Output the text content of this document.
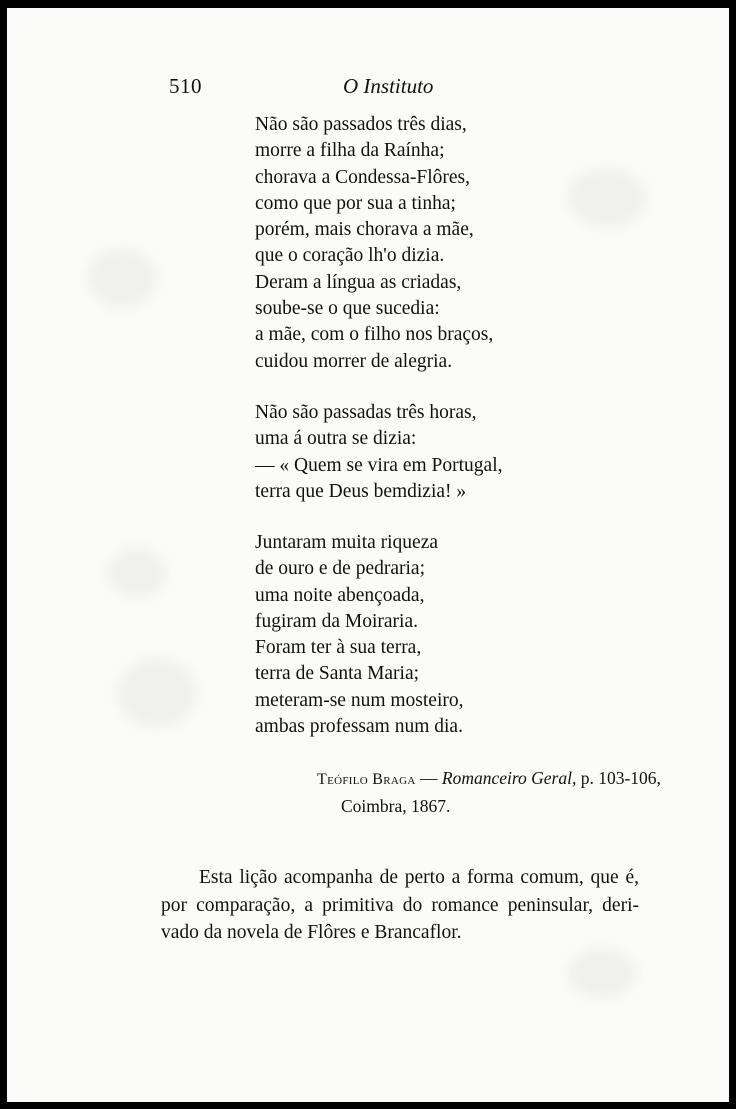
510	O Instituto
Não são passados três dias,
morre a filha da Raínha;
chorava a Condessa-Flôres,
como que por sua a tinha;
porém, mais chorava a mãe,
que o coração lh'o dizia.
Deram a língua as criadas,
soube-se o que sucedia:
a mãe, com o filho nos braços,
cuidou morrer de alegria.
Não são passadas três horas,
uma á outra se dizia:
— « Quem se vira em Portugal,
terra que Deus bemdizia! »
Juntaram muita riqueza
de ouro e de pedraria;
uma noite abençoada,
fugiram da Moiraria.
Foram ter à sua terra,
terra de Santa Maria;
meteram-se num mosteiro,
ambas professam num dia.
Teófilo Braga — Romanceiro Geral, p. 103-106,
Coimbra, 1867.
Esta lição acompanha de perto a forma comum, que é,
por comparação, a primitiva do romance peninsular, deri-
vado da novela de Flôres e Brancaflor.
